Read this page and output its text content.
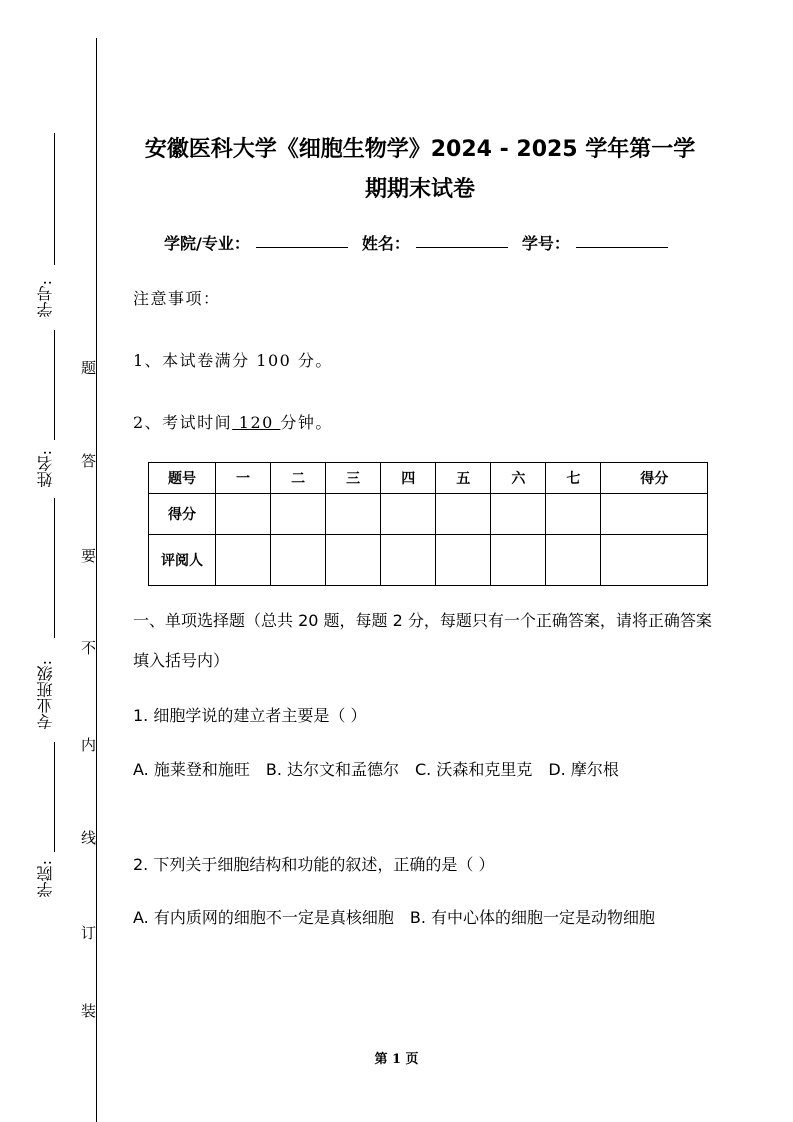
题
答
要
不
内
线
订
装
学号:
姓名:
专业班级:
学院:
安徽医科大学《细胞生物学》2024 - 2025 学年第一学
期期末试卷
学院/专业：	姓名：	学号：
注意事项：
1、本试卷满分 100 分。
2、考试时间 120 分钟。
题号	一	二	三	四	五	六	七	得分
得分								
评阅人								
一、单项选择题（总共 20 题，每题 2 分，每题只有一个正确答案，请将正确答案填入括号内）
1. 细胞学说的建立者主要是（ ）
A. 施莱登和施旺　B. 达尔文和孟德尔　C. 沃森和克里克　D. 摩尔根
2. 下列关于细胞结构和功能的叙述，正确的是（ ）
A. 有内质网的细胞不一定是真核细胞　B. 有中心体的细胞一定是动物细胞
第 1 页
